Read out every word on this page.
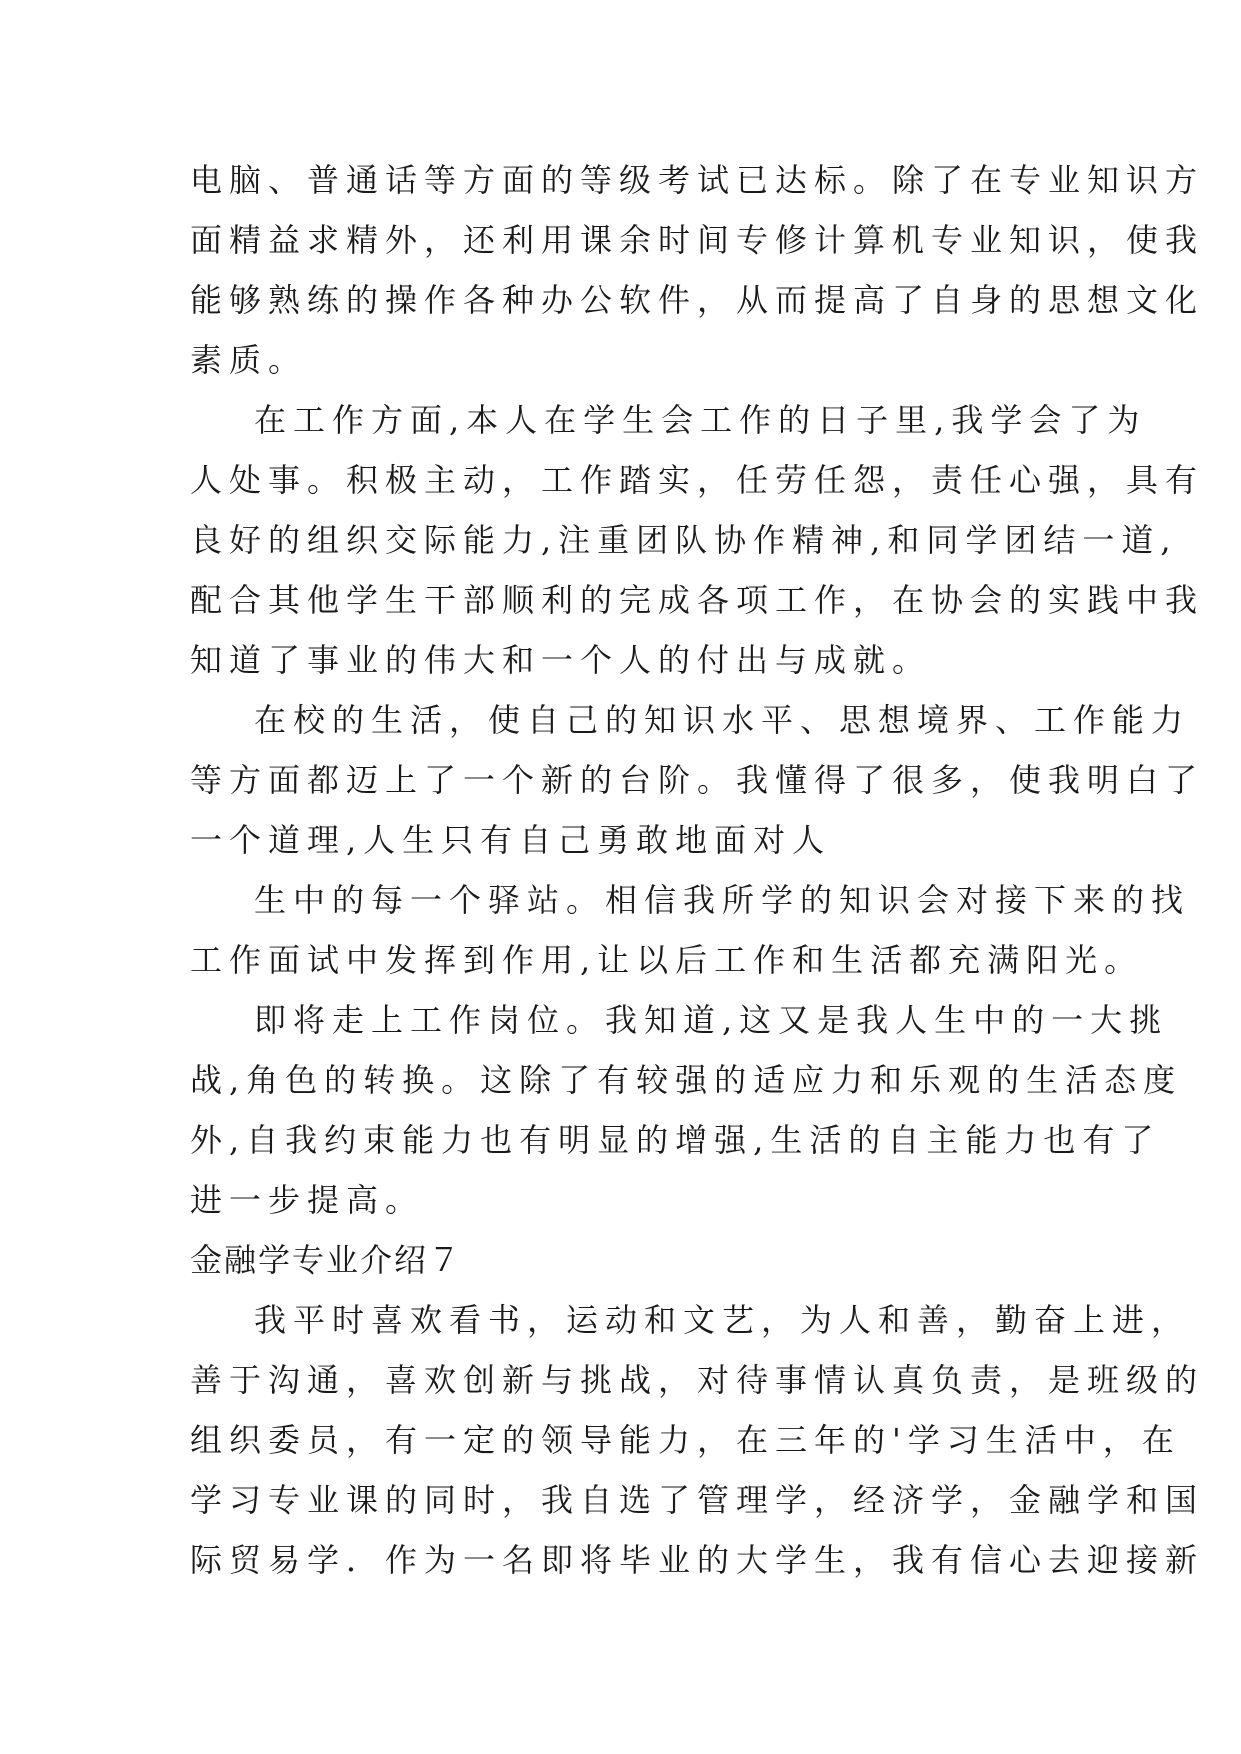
电脑、普通话等方面的等级考试已达标。除了在专业知识方
面精益求精外，还利用课余时间专修计算机专业知识，使我
能够熟练的操作各种办公软件，从而提高了自身的思想文化
素质。
在工作方面,本人在学生会工作的日子里,我学会了为
人处事。积极主动，工作踏实，任劳任怨，责任心强，具有
良好的组织交际能力,注重团队协作精神,和同学团结一道,
配合其他学生干部顺利的完成各项工作，在协会的实践中我
知道了事业的伟大和一个人的付出与成就。
在校的生活，使自己的知识水平、思想境界、工作能力
等方面都迈上了一个新的台阶。我懂得了很多，使我明白了
一个道理,人生只有自己勇敢地面对人
生中的每一个驿站。相信我所学的知识会对接下来的找
工作面试中发挥到作用,让以后工作和生活都充满阳光。
即将走上工作岗位。我知道,这又是我人生中的一大挑
战,角色的转换。这除了有较强的适应力和乐观的生活态度
外,自我约束能力也有明显的增强,生活的自主能力也有了
进一步提高。
金融学专业介绍７
我平时喜欢看书，运动和文艺，为人和善，勤奋上进，
善于沟通，喜欢创新与挑战，对待事情认真负责，是班级的
组织委员，有一定的领导能力，在三年的'学习生活中，在
学习专业课的同时，我自选了管理学，经济学，金融学和国
际贸易学．作为一名即将毕业的大学生，我有信心去迎接新
